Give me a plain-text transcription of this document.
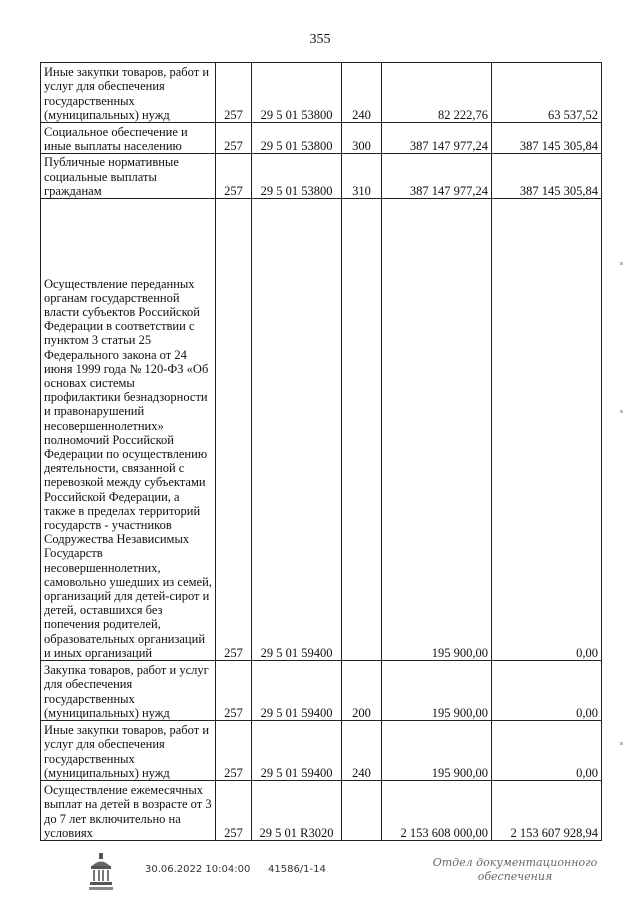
355
Иные закупки товаров, работ и услуг для обеспечения государственных (муниципальных) нужд	257	29 5 01 53800	240	82 222,76	63 537,52
Социальное обеспечение и иные выплаты населению	257	29 5 01 53800	300	387 147 977,24	387 145 305,84
Публичные нормативные социальные выплаты гражданам	257	29 5 01 53800	310	387 147 977,24	387 145 305,84
Осуществление переданных органам государственной власти субъектов Российской Федерации в соответствии с пунктом 3 статьи 25 Федерального закона от 24 июня 1999 года № 120-ФЗ «Об основах системы профилактики безнадзорности и правонарушений несовершеннолетних» полномочий Российской Федерации по осуществлению деятельности, связанной с перевозкой между субъектами Российской Федерации, а также в пределах территорий государств - участников Содружества Независимых Государств несовершеннолетних, самовольно ушедших из семей, организаций для детей-сирот и детей, оставшихся без попечения родителей, образовательных организаций и иных организаций	257	29 5 01 59400		195 900,00	0,00
Закупка товаров, работ и услуг для обеспечения государственных (муниципальных) нужд	257	29 5 01 59400	200	195 900,00	0,00
Иные закупки товаров, работ и услуг для обеспечения государственных (муниципальных) нужд	257	29 5 01 59400	240	195 900,00	0,00
Осуществление ежемесячных выплат на детей в возрасте от 3 до 7 лет включительно на условиях	257	29 5 01 R3020		2 153 608 000,00	2 153 607 928,94
30.06.2022 10:04:00 41586/1-14
Отдел документационного
обеспечения
